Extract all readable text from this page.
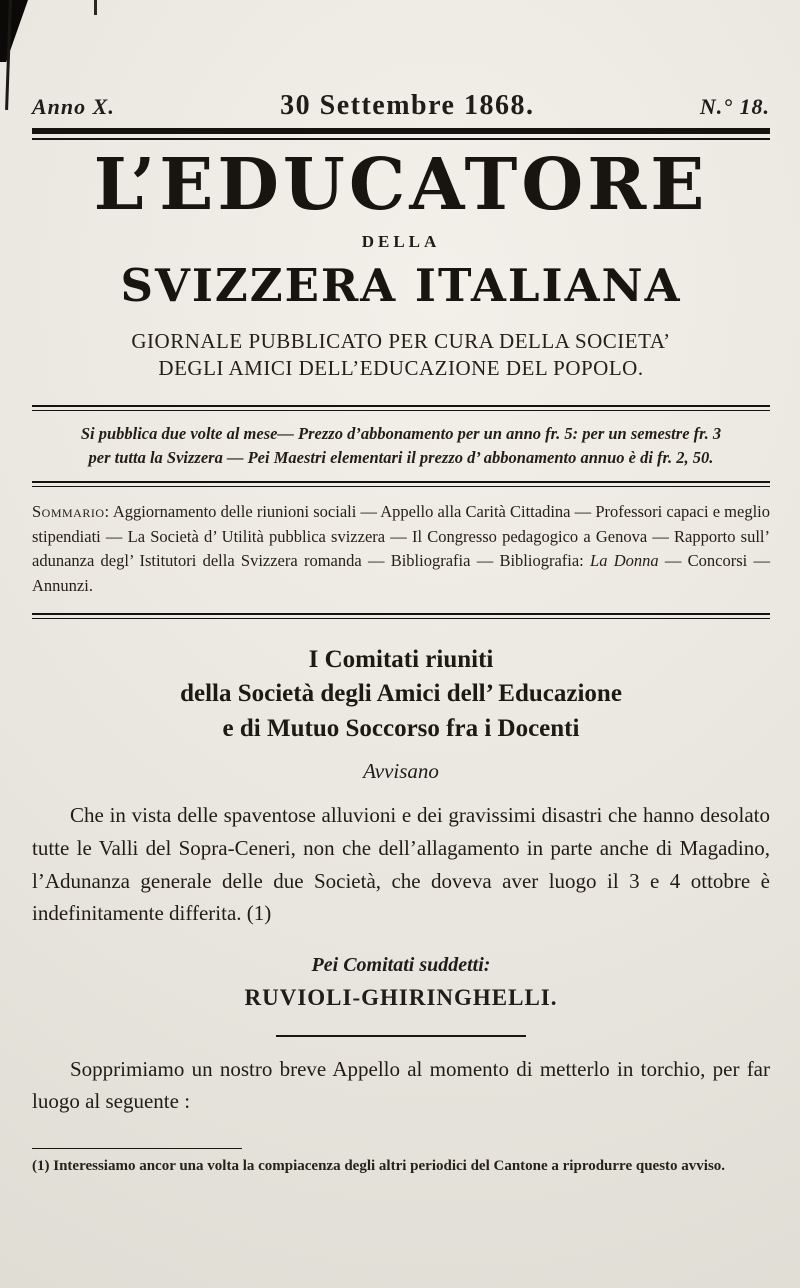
Anno X.	30 Settembre 1868.	N.° 18.
L’EDUCATORE
DELLA
SVIZZERA ITALIANA
GIORNALE PUBBLICATO PER CURA DELLA SOCIETA’
DEGLI AMICI DELL’EDUCAZIONE DEL POPOLO.

Si pubblica due volte al mese— Prezzo d’abbonamento per un anno fr. 5: per un semestre fr. 3
per tutta la Svizzera — Pei Maestri elementari il prezzo d’ abbonamento annuo è di fr. 2, 50.

Sommario: Aggiornamento delle riunioni sociali — Appello alla Carità Cittadina — Professori capaci e meglio stipendiati — La Società d’ Utilità pubblica svizzera — Il Congresso pedagogico a Genova — Rapporto sull’ adunanza degl’ Istitutori della Svizzera romanda — Bibliografia — Bibliografia: La Donna — Concorsi — Annunzi.

I Comitati riuniti
della Società degli Amici dell’ Educazione
e di Mutuo Soccorso fra i Docenti
Avvisano

Che in vista delle spaventose alluvioni e dei gravissimi disastri che hanno desolato tutte le Valli del Sopra-Ceneri, non che dell’allagamento in parte anche di Magadino, l’Adunanza generale delle due Società, che doveva aver luogo il 3 e 4 ottobre è indefinitamente differita. (1)

Pei Comitati suddetti:
RUVIOLI-GHIRINGHELLI.

Sopprimiamo un nostro breve Appello al momento di metterlo in torchio, per far luogo al seguente :

(1) Interessiamo ancor una volta la compiacenza degli altri periodici del Cantone a riprodurre questo avviso.
